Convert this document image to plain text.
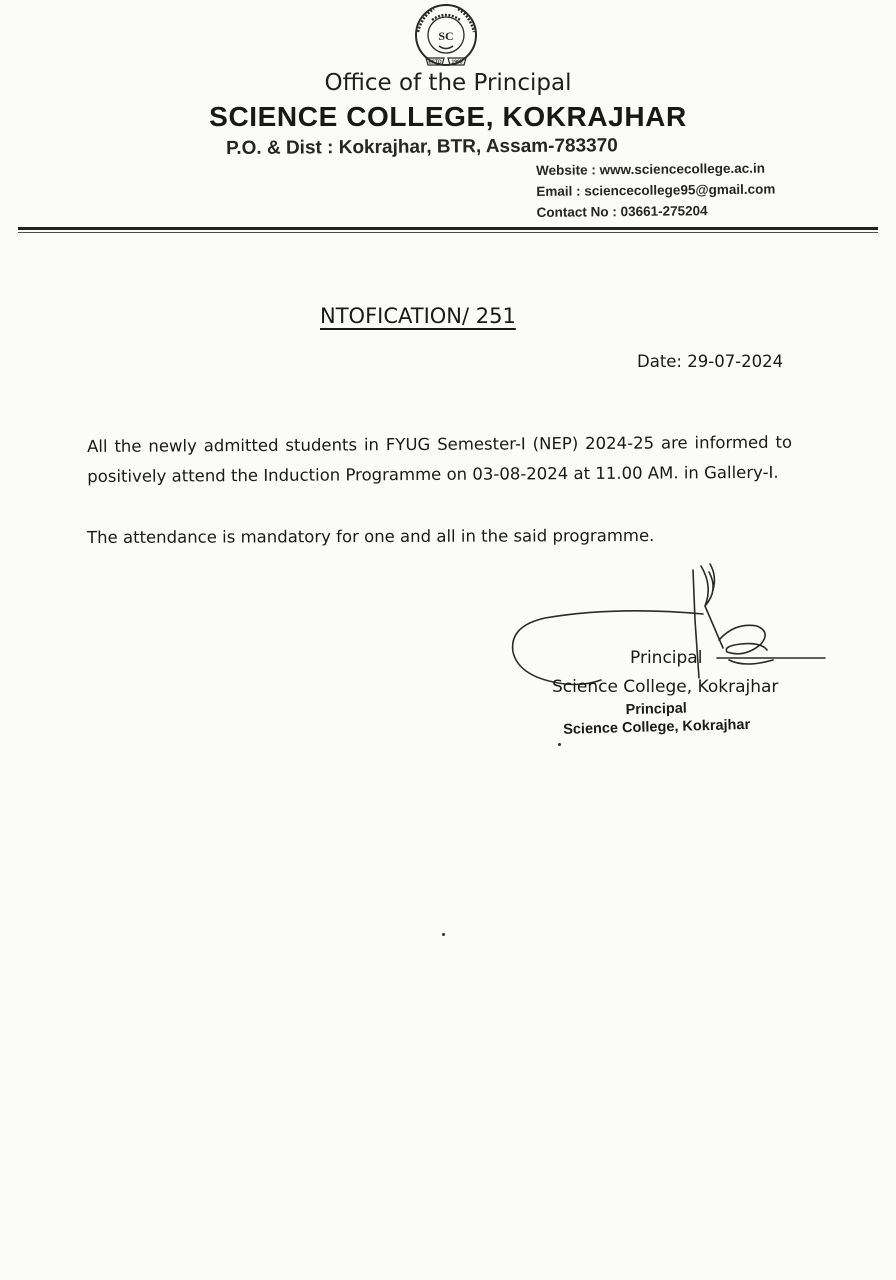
SC
ESTD 1995
Office of the Principal
SCIENCE COLLEGE, KOKRAJHAR
P.O. & Dist : Kokrajhar, BTR, Assam-783370
Website : www.sciencecollege.ac.in
Email : sciencecollege95@gmail.com
Contact No : 03661-275204
NTOFICATION/ 251
Date: 29-07-2024
All the newly admitted students in FYUG Semester-I (NEP) 2024-25 are informed to positively attend the Induction Programme on 03-08-2024 at 11.00 AM. in Gallery-I.
The attendance is mandatory for one and all in the said programme.
Principal
Science College, Kokrajhar
Principal
Science College, Kokrajhar
